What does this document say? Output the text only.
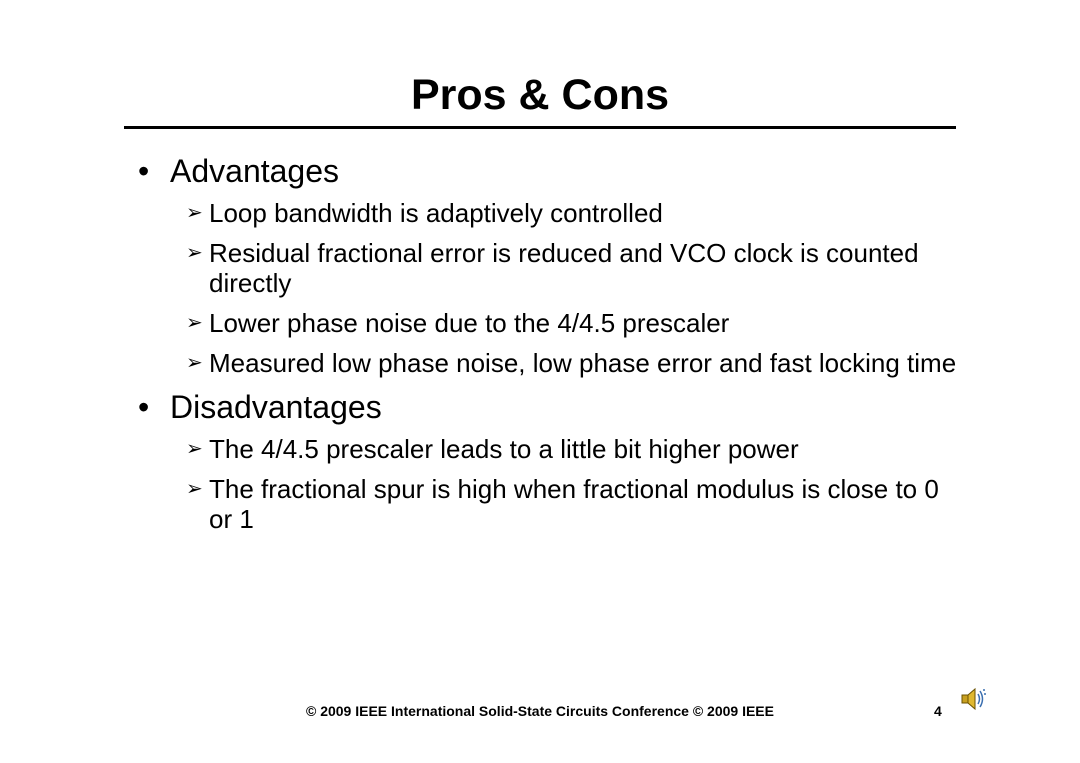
Pros & Cons
• Advantages
➢ Loop bandwidth is adaptively controlled
➢ Residual fractional error is reduced and VCO clock is counted directly
➢ Lower phase noise due to the 4/4.5 prescaler
➢ Measured low phase noise, low phase error and fast locking time
• Disadvantages
➢ The 4/4.5 prescaler leads to a little bit higher power
➢ The fractional spur is high when fractional modulus is close to 0 or 1
© 2009 IEEE International Solid-State Circuits Conference © 2009 IEEE	4
